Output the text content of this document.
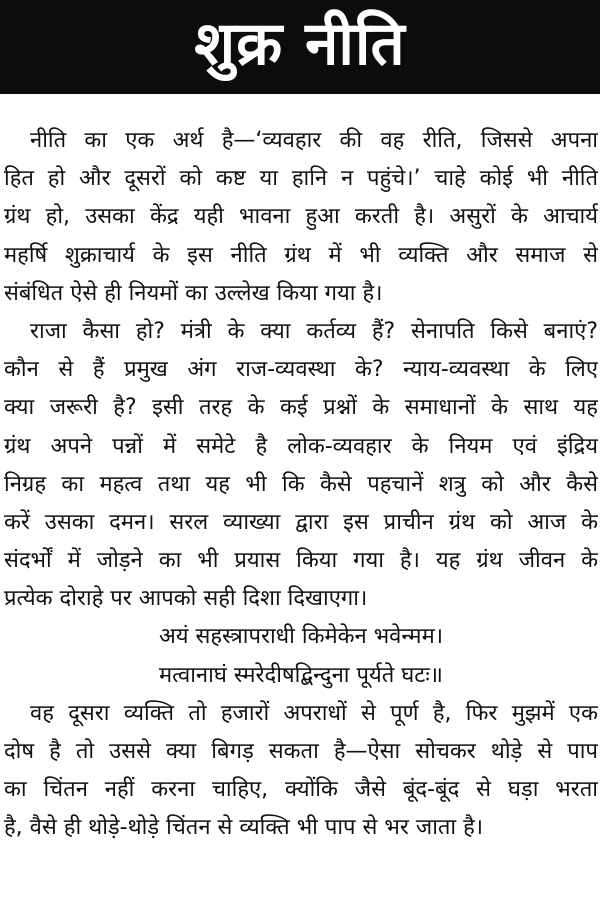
शुक्र नीति
नीति का एक अर्थ है—‘व्यवहार की वह रीति, जिससे अपना
हित हो और दूसरों को कष्ट या हानि न पहुंचे।’ चाहे कोई भी नीति
ग्रंथ हो, उसका केंद्र यही भावना हुआ करती है। असुरों के आचार्य
महर्षि शुक्राचार्य के इस नीति ग्रंथ में भी व्यक्ति और समाज से
संबंधित ऐसे ही नियमों का उल्लेख किया गया है।
राजा कैसा हो? मंत्री के क्या कर्तव्य हैं? सेनापति किसे बनाएं?
कौन से हैं प्रमुख अंग राज-व्यवस्था के? न्याय-व्यवस्था के लिए
क्या जरूरी है? इसी तरह के कई प्रश्नों के समाधानों के साथ यह
ग्रंथ अपने पन्नों में समेटे है लोक-व्यवहार के नियम एवं इंद्रिय
निग्रह का महत्व तथा यह भी कि कैसे पहचानें शत्रु को और कैसे
करें उसका दमन। सरल व्याख्या द्वारा इस प्राचीन ग्रंथ को आज के
संदर्भों में जोड़ने का भी प्रयास किया गया है। यह ग्रंथ जीवन के
प्रत्येक दोराहे पर आपको सही दिशा दिखाएगा।
अयं सहस्त्रापराधी किमेकेन भवेन्मम।
मत्वानाघं स्मरेदीषद्बिन्दुना पूर्यते घटः॥
वह दूसरा व्यक्ति तो हजारों अपराधों से पूर्ण है, फिर मुझमें एक
दोष है तो उससे क्या बिगड़ सकता है—ऐसा सोचकर थोड़े से पाप
का चिंतन नहीं करना चाहिए, क्योंकि जैसे बूंद-बूंद से घड़ा भरता
है, वैसे ही थोड़े-थोड़े चिंतन से व्यक्ति भी पाप से भर जाता है।
